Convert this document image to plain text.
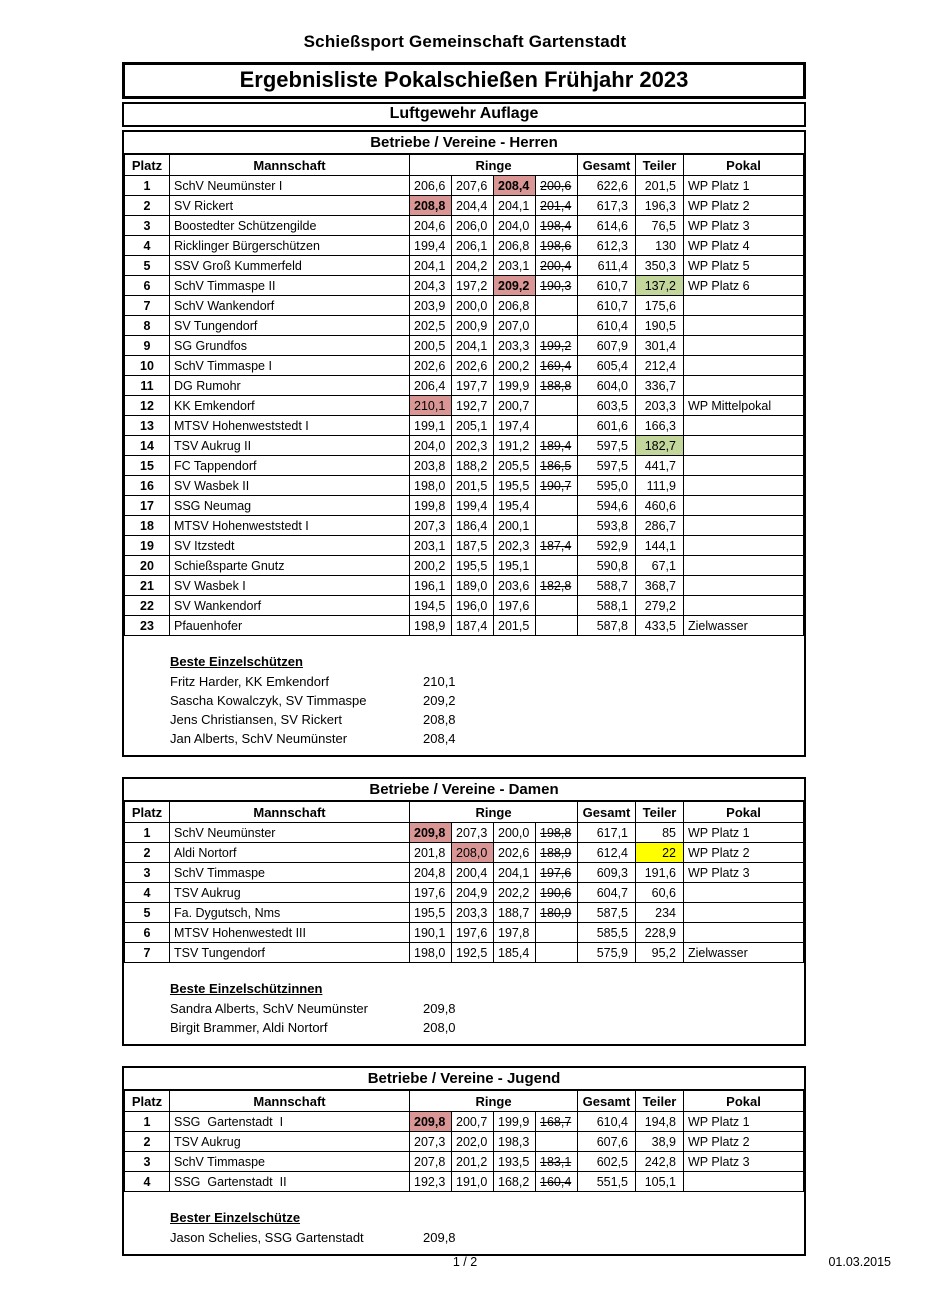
Schießsport Gemeinschaft Gartenstadt
Ergebnisliste Pokalschießen Frühjahr 2023
Luftgewehr Auflage
Betriebe / Vereine - Herren								
Platz	Mannschaft	Ringe				Gesamt	Teiler	Pokal
1	SchV Neumünster I	206,6	207,6	208,4	200,6	622,6	201,5	WP Platz 1
2	SV Rickert	208,8	204,4	204,1	201,4	617,3	196,3	WP Platz 2
3	Boostedter Schützengilde	204,6	206,0	204,0	198,4	614,6	76,5	WP Platz 3
4	Ricklinger Bürgerschützen	199,4	206,1	206,8	198,6	612,3	130	WP Platz 4
5	SSV Groß Kummerfeld	204,1	204,2	203,1	200,4	611,4	350,3	WP Platz 5
6	SchV Timmaspe II	204,3	197,2	209,2	190,3	610,7	137,2	WP Platz 6
7	SchV Wankendorf	203,9	200,0	206,8		610,7	175,6	
8	SV Tungendorf	202,5	200,9	207,0		610,4	190,5	
9	SG Grundfos	200,5	204,1	203,3	199,2	607,9	301,4	
10	SchV Timmaspe I	202,6	202,6	200,2	169,4	605,4	212,4	
11	DG Rumohr	206,4	197,7	199,9	188,8	604,0	336,7	
12	KK Emkendorf	210,1	192,7	200,7		603,5	203,3	WP Mittelpokal
13	MTSV Hohenweststedt I	199,1	205,1	197,4		601,6	166,3	
14	TSV Aukrug II	204,0	202,3	191,2	189,4	597,5	182,7	
15	FC Tappendorf	203,8	188,2	205,5	186,5	597,5	441,7	
16	SV Wasbek II	198,0	201,5	195,5	190,7	595,0	111,9	
17	SSG Neumag	199,8	199,4	195,4		594,6	460,6	
18	MTSV Hohenweststedt I	207,3	186,4	200,1		593,8	286,7	
19	SV Itzstedt	203,1	187,5	202,3	187,4	592,9	144,1	
20	Schießsparte Gnutz	200,2	195,5	195,1		590,8	67,1	
21	SV Wasbek I	196,1	189,0	203,6	182,8	588,7	368,7	
22	SV Wankendorf	194,5	196,0	197,6		588,1	279,2	
23	Pfauenhofer	198,9	187,4	201,5		587,8	433,5	Zielwasser
Beste Einzelschützen
Fritz Harder, KK Emkendorf	210,1
Sascha Kowalczyk, SV Timmaspe	209,2
Jens Christiansen, SV Rickert	208,8
Jan Alberts, SchV Neumünster	208,4
Betriebe / Vereine - Damen								
Platz	Mannschaft	Ringe				Gesamt	Teiler	Pokal
1	SchV Neumünster	209,8	207,3	200,0	198,8	617,1	85	WP Platz 1
2	Aldi Nortorf	201,8	208,0	202,6	188,9	612,4	22	WP Platz 2
3	SchV Timmaspe	204,8	200,4	204,1	197,6	609,3	191,6	WP Platz 3
4	TSV Aukrug	197,6	204,9	202,2	190,6	604,7	60,6	
5	Fa. Dygutsch, Nms	195,5	203,3	188,7	180,9	587,5	234	
6	MTSV Hohenwestedt III	190,1	197,6	197,8		585,5	228,9	
7	TSV Tungendorf	198,0	192,5	185,4		575,9	95,2	Zielwasser
Beste Einzelschützinnen
Sandra Alberts, SchV Neumünster	209,8
Birgit Brammer, Aldi Nortorf	208,0
Betriebe / Vereine - Jugend								
Platz	Mannschaft	Ringe				Gesamt	Teiler	Pokal
1	SSG  Gartenstadt  I	209,8	200,7	199,9	168,7	610,4	194,8	WP Platz 1
2	TSV Aukrug	207,3	202,0	198,3		607,6	38,9	WP Platz 2
3	SchV Timmaspe	207,8	201,2	193,5	183,1	602,5	242,8	WP Platz 3
4	SSG  Gartenstadt  II	192,3	191,0	168,2	160,4	551,5	105,1	
Bester Einzelschütze
Jason Schelies, SSG Gartenstadt	209,8
1 / 2	01.03.2015
